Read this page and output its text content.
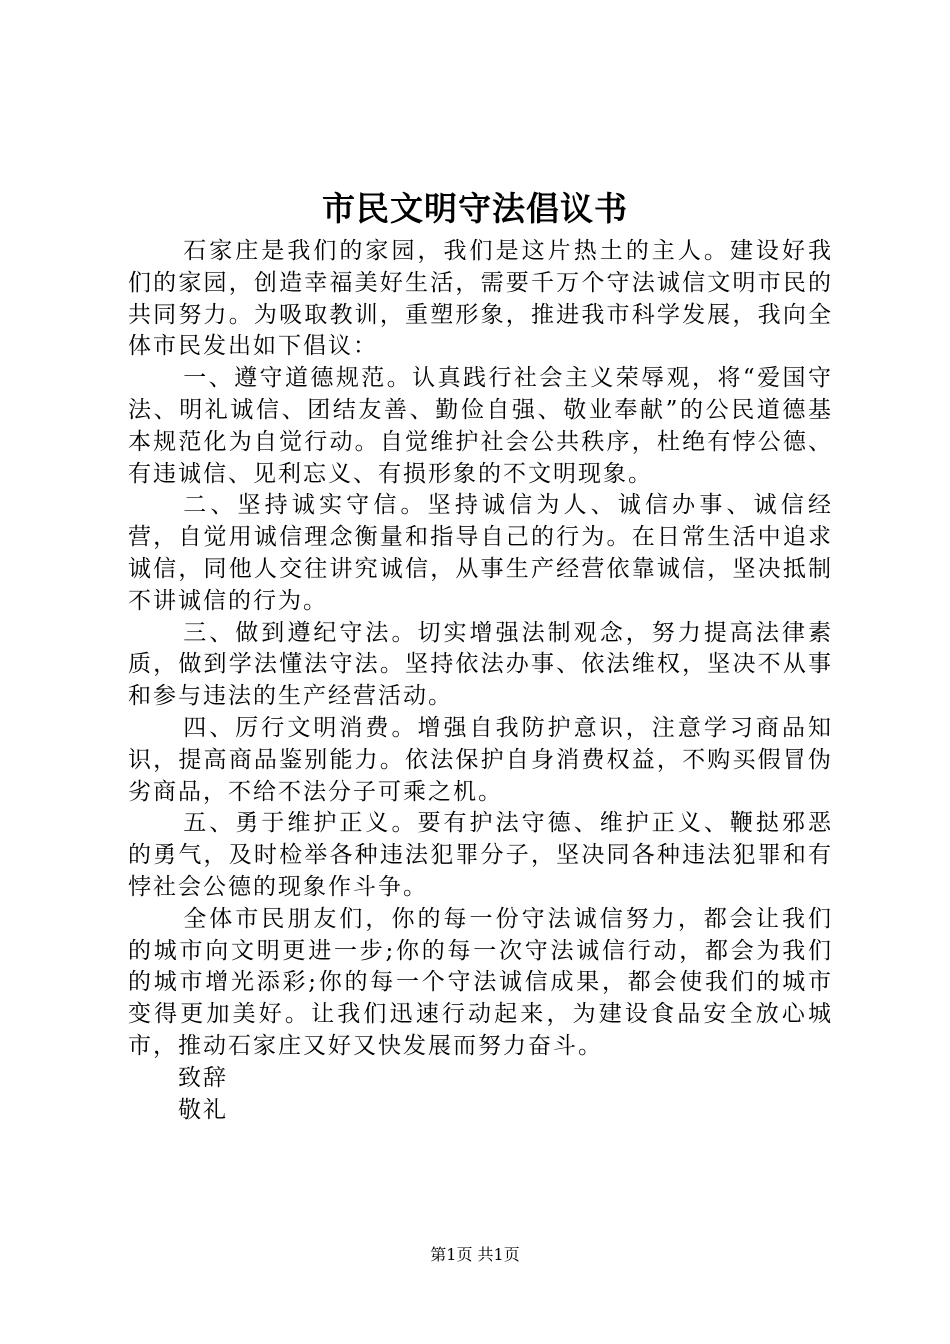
市民文明守法倡议书

石家庄是我们的家园，我们是这片热土的主人。建设好我们的家园，创造幸福美好生活，需要千万个守法诚信文明市民的共同努力。为吸取教训，重塑形象，推进我市科学发展，我向全体市民发出如下倡议：

一、遵守道德规范。认真践行社会主义荣辱观，将“爱国守法、明礼诚信、团结友善、勤俭自强、敬业奉献”的公民道德基本规范化为自觉行动。自觉维护社会公共秩序，杜绝有悖公德、有违诚信、见利忘义、有损形象的不文明现象。

二、坚持诚实守信。坚持诚信为人、诚信办事、诚信经营，自觉用诚信理念衡量和指导自己的行为。在日常生活中追求诚信，同他人交往讲究诚信，从事生产经营依靠诚信，坚决抵制不讲诚信的行为。

三、做到遵纪守法。切实增强法制观念，努力提高法律素质，做到学法懂法守法。坚持依法办事、依法维权，坚决不从事和参与违法的生产经营活动。

四、厉行文明消费。增强自我防护意识，注意学习商品知识，提高商品鉴别能力。依法保护自身消费权益，不购买假冒伪劣商品，不给不法分子可乘之机。

五、勇于维护正义。要有护法守德、维护正义、鞭挞邪恶的勇气，及时检举各种违法犯罪分子，坚决同各种违法犯罪和有悖社会公德的现象作斗争。

全体市民朋友们，你的每一份守法诚信努力，都会让我们的城市向文明更进一步;你的每一次守法诚信行动，都会为我们的城市增光添彩;你的每一个守法诚信成果，都会使我们的城市变得更加美好。让我们迅速行动起来，为建设食品安全放心城市，推动石家庄又好又快发展而努力奋斗。

致辞

敬礼

第1页 共1页
